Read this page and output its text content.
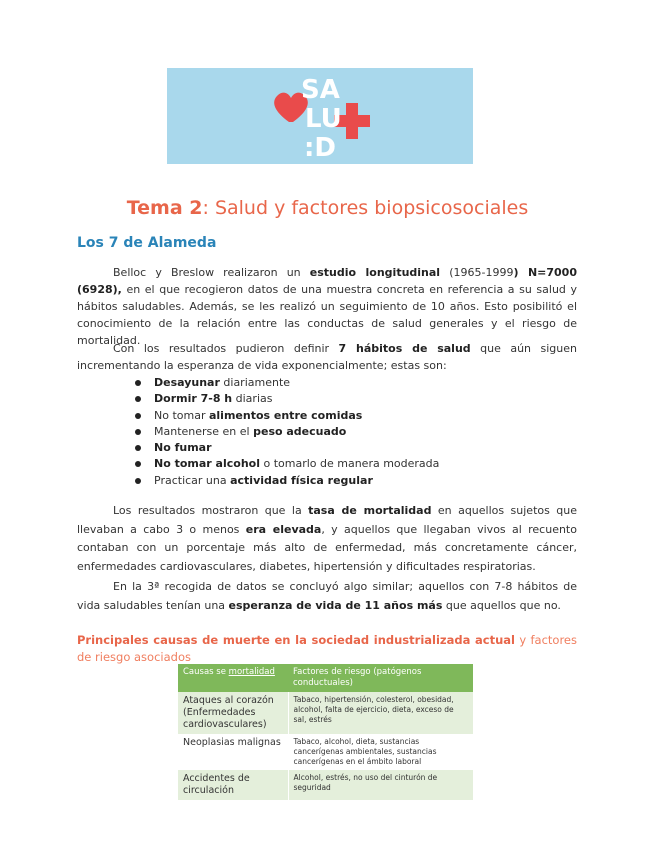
SA
LU
:D
Tema 2: Salud y factores biopsicosociales
Los 7 de Alameda
Belloc y Breslow realizaron un estudio longitudinal (1965-1999) N=7000 (6928), en el que recogieron datos de una muestra concreta en referencia a su salud y hábitos saludables. Además, se les realizó un seguimiento de 10 años. Esto posibilitó el conocimiento de la relación entre las conductas de salud generales y el riesgo de mortalidad.
Con los resultados pudieron definir 7 hábitos de salud que aún siguen incrementando la esperanza de vida exponencialmente; estas son:
Desayunar diariamente
Dormir 7-8 h diarias
No tomar alimentos entre comidas
Mantenerse en el peso adecuado
No fumar
No tomar alcohol o tomarlo de manera moderada
Practicar una actividad física regular
Los resultados mostraron que la tasa de mortalidad en aquellos sujetos que llevaban a cabo 3 o menos era elevada, y aquellos que llegaban vivos al recuento contaban con un porcentaje más alto de enfermedad, más concretamente cáncer, enfermedades cardiovasculares, diabetes, hipertensión y dificultades respiratorias.
En la 3ª recogida de datos se concluyó algo similar; aquellos con 7-8 hábitos de vida saludables tenían una esperanza de vida de 11 años más que aquellos que no.
Principales causas de muerte en la sociedad industrializada actual y factores de riesgo asociados
Causas se mortalidad	Factores de riesgo (patógenos conductuales)
Ataques al corazón (Enfermedades cardiovasculares)	Tabaco, hipertensión, colesterol, obesidad, alcohol, falta de ejercicio, dieta, exceso de sal, estrés
Neoplasias malignas	Tabaco, alcohol, dieta, sustancias cancerígenas ambientales, sustancias cancerígenas en el ámbito laboral
Accidentes de circulación	Alcohol, estrés, no uso del cinturón de seguridad
